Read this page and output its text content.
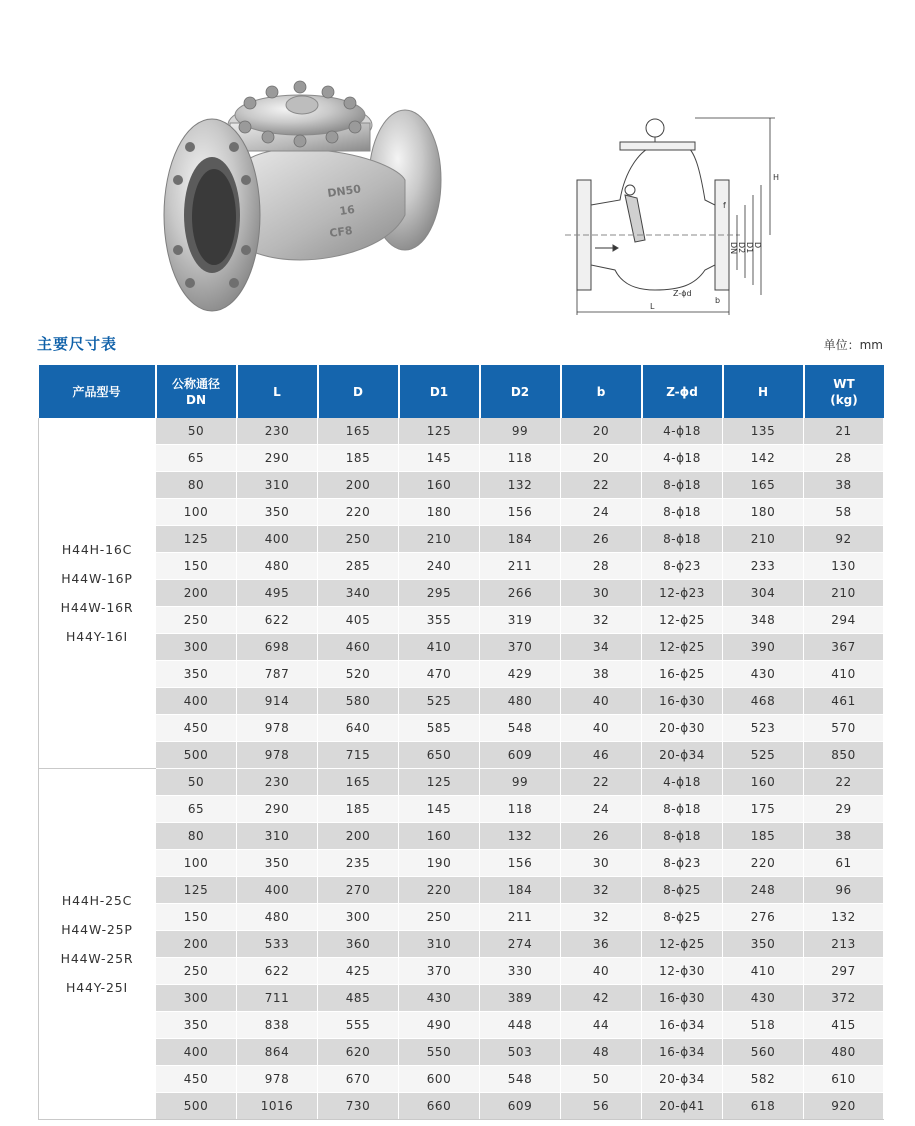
DN50
16
CF8
H
DN D2 D1 D
f
b
Z-ϕd
L
主要尺寸表	单位：mm
产品型号	公称通径
DN	L	D	D1	D2	b	Z-ϕd	H	WT
(kg)

H44H-16C
H44W-16P
H44W-16R
H44Y-16I	50	230	165	125	99	20	4-ϕ18	135	21
	65	290	185	145	118	20	4-ϕ18	142	28
	80	310	200	160	132	22	8-ϕ18	165	38
	100	350	220	180	156	24	8-ϕ18	180	58
	125	400	250	210	184	26	8-ϕ18	210	92
	150	480	285	240	211	28	8-ϕ23	233	130
	200	495	340	295	266	30	12-ϕ23	304	210
	250	622	405	355	319	32	12-ϕ25	348	294
	300	698	460	410	370	34	12-ϕ25	390	367
	350	787	520	470	429	38	16-ϕ25	430	410
	400	914	580	525	480	40	16-ϕ30	468	461
	450	978	640	585	548	40	20-ϕ30	523	570
	500	978	715	650	609	46	20-ϕ34	525	850

H44H-25C
H44W-25P
H44W-25R
H44Y-25I	50	230	165	125	99	22	4-ϕ18	160	22
	65	290	185	145	118	24	8-ϕ18	175	29
	80	310	200	160	132	26	8-ϕ18	185	38
	100	350	235	190	156	30	8-ϕ23	220	61
	125	400	270	220	184	32	8-ϕ25	248	96
	150	480	300	250	211	32	8-ϕ25	276	132
	200	533	360	310	274	36	12-ϕ25	350	213
	250	622	425	370	330	40	12-ϕ30	410	297
	300	711	485	430	389	42	16-ϕ30	430	372
	350	838	555	490	448	44	16-ϕ34	518	415
	400	864	620	550	503	48	16-ϕ34	560	480
	450	978	670	600	548	50	20-ϕ34	582	610
	500	1016	730	660	609	56	20-ϕ41	618	920
